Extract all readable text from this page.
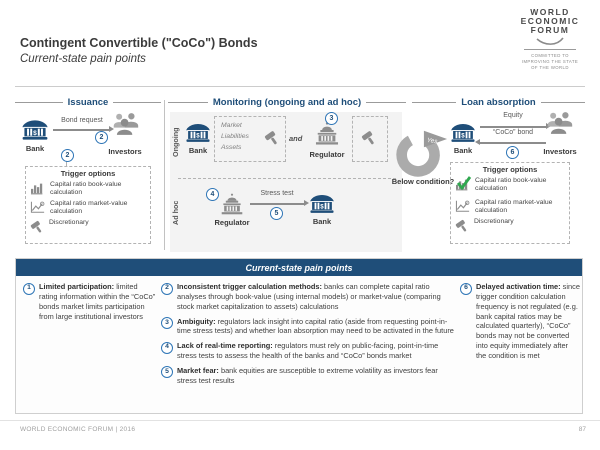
Contingent Convertible ("CoCo") Bonds
Current-state pain points
WORLD
ECONOMIC
FORUM
COMMITTED TO
IMPROVING THE STATE
OF THE WORLD
Issuance	Monitoring (ongoing and ad hoc)	Loan absorption
$
Bank
Bond request
Investors
2
2
Trigger options
Capital ratio book-value calculation
Capital ratio market-value calculation
Discretionary
Ongoing $
Bank
Market
Liabilities
Assets
and
Regulator
3
Ad hoc
4
Regulator
Stress test
5
$
Bank
Yes
Below condition?
$
Bank
Equity
“CoCo” bond
6	Investors
Trigger options
Capital ratio book-value calculation
Capital ratio market-value calculation
Discretionary
Current-state pain points
1	Limited participation: limited rating information within the “CoCo” bonds market limits participation from large institutional investors
2	Inconsistent trigger calculation methods: banks can complete capital ratio analyses through book-value (using internal models) or market-value (comparing stock market capitalization to assets) calculations
3	Ambiguity: regulators lack insight into capital ratio (aside from requesting point-in-time stress tests) and whether loan absorption may need to be activated in the future
4	Lack of real-time reporting: regulators must rely on public-facing, point-in-time stress tests to assess the health of the banks and “CoCo” bonds market
5	Market fear: bank equities are susceptible to extreme volatility as investors fear stress test results
6	Delayed activation time: since trigger condition calculation frequency is not regulated (e.g. bank capital ratios may be calculated quarterly), “CoCo” bonds may not be converted into equity immediately after the condition is met
WORLD ECONOMIC FORUM | 2016	87
